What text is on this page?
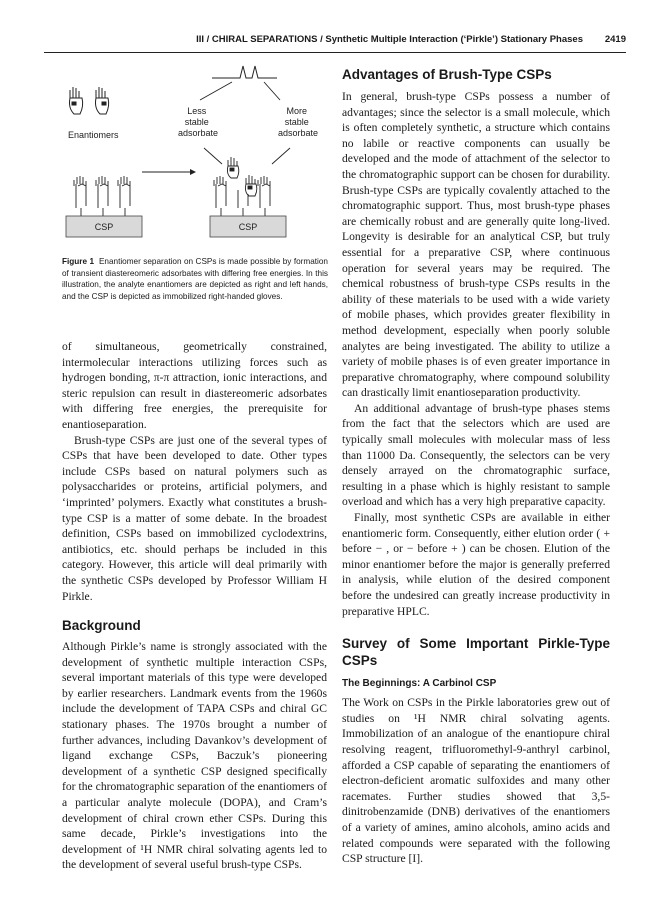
III / CHIRAL SEPARATIONS / Synthetic Multiple Interaction (‘Pirkle’) Stationary Phases 2419
Enantiomers
Less stable adsorbate
More stable adsorbate
CSP	CSP
Figure 1 Enantiomer separation on CSPs is made possible by formation of transient diastereomeric adsorbates with differing free energies. In this illustration, the analyte enantiomers are depicted as right and left hands, and the CSP is depicted as immobilized right-handed gloves.

of simultaneous, geometrically constrained, intermolecular interactions utilizing forces such as hydrogen bonding, π-π attraction, ionic interactions, and steric repulsion can result in diastereomeric adsorbates with differing free energies, the prerequisite for enantioseparation.

Brush-type CSPs are just one of the several types of CSPs that have been developed to date. Other types include CSPs based on natural polymers such as polysaccharides or proteins, artificial polymers, and ‘imprinted’ polymers. Exactly what constitutes a brush-type CSP is a matter of some debate. In the broadest definition, CSPs based on immobilized cyclodextrins, antibiotics, etc. should perhaps be included in this category. However, this article will deal primarily with the synthetic CSPs developed by Professor William H Pirkle.

Background

Although Pirkle’s name is strongly associated with the development of synthetic multiple interaction CSPs, several important materials of this type were developed by earlier researchers. Landmark events from the 1960s include the development of TAPA CSPs and chiral GC stationary phases. The 1970s brought a number of further advances, including Davankov’s development of ligand exchange CSPs, Baczuk’s pioneering development of a synthetic CSP designed specifically for the chromatographic separation of the enantiomers of a particular analyte molecule (DOPA), and Cram’s development of chiral crown ether CSPs. During this same decade, Pirkle’s investigations into the development of ¹H NMR chiral solvating agents led to the development of several useful brush-type CSPs.

Advantages of Brush-Type CSPs

In general, brush-type CSPs possess a number of advantages; since the selector is a small molecule, which is often completely synthetic, a structure which contains no labile or reactive components can usually be developed and the mode of attachment of the selector to the chromatographic support can be chosen for durability. Brush-type CSPs are typically covalently attached to the chromatographic support. Thus, most brush-type phases are chemically robust and are generally quite long-lived. Longevity is desirable for an analytical CSP, but truly essential for a preparative CSP, where continuous operation for several years may be required. The chemical robustness of brush-type CSPs results in the ability of these materials to be used with a wide variety of mobile phases, which provides greater flexibility in method development, especially when poorly soluble analytes are being investigated. The ability to utilize a variety of mobile phases is of even greater importance in preparative chromatography, where compound solubility can drastically limit enantioseparation productivity.

An additional advantage of brush-type phases stems from the fact that the selectors which are used are typically small molecules with molecular mass of less than 11000 Da. Consequently, the selectors can be very densely arrayed on the chromatographic surface, resulting in a phase which is highly resistant to sample overload and which has a very high preparative capacity.

Finally, most synthetic CSPs are available in either enantiomeric form. Consequently, either elution order ( + before − , or − before + ) can be chosen. Elution of the minor enantiomer before the major is generally preferred in analysis, while elution of the desired component before the undesired can greatly increase productivity in preparative HPLC.

Survey of Some Important Pirkle-Type CSPs
The Beginnings: A Carbinol CSP

The Work on CSPs in the Pirkle laboratories grew out of studies on ¹H NMR chiral solvating agents. Immobilization of an analogue of the enantiopure chiral resolving reagent, trifluoromethyl-9-anthryl carbinol, afforded a CSP capable of separating the enantiomers of electron-deficient aromatic sulfoxides and many other racemates. Further studies showed that 3,5-dinitrobenzamide (DNB) derivatives of the enantiomers of a variety of amines, amino alcohols, amino acids and related compounds were separated with the following CSP structure [I].
